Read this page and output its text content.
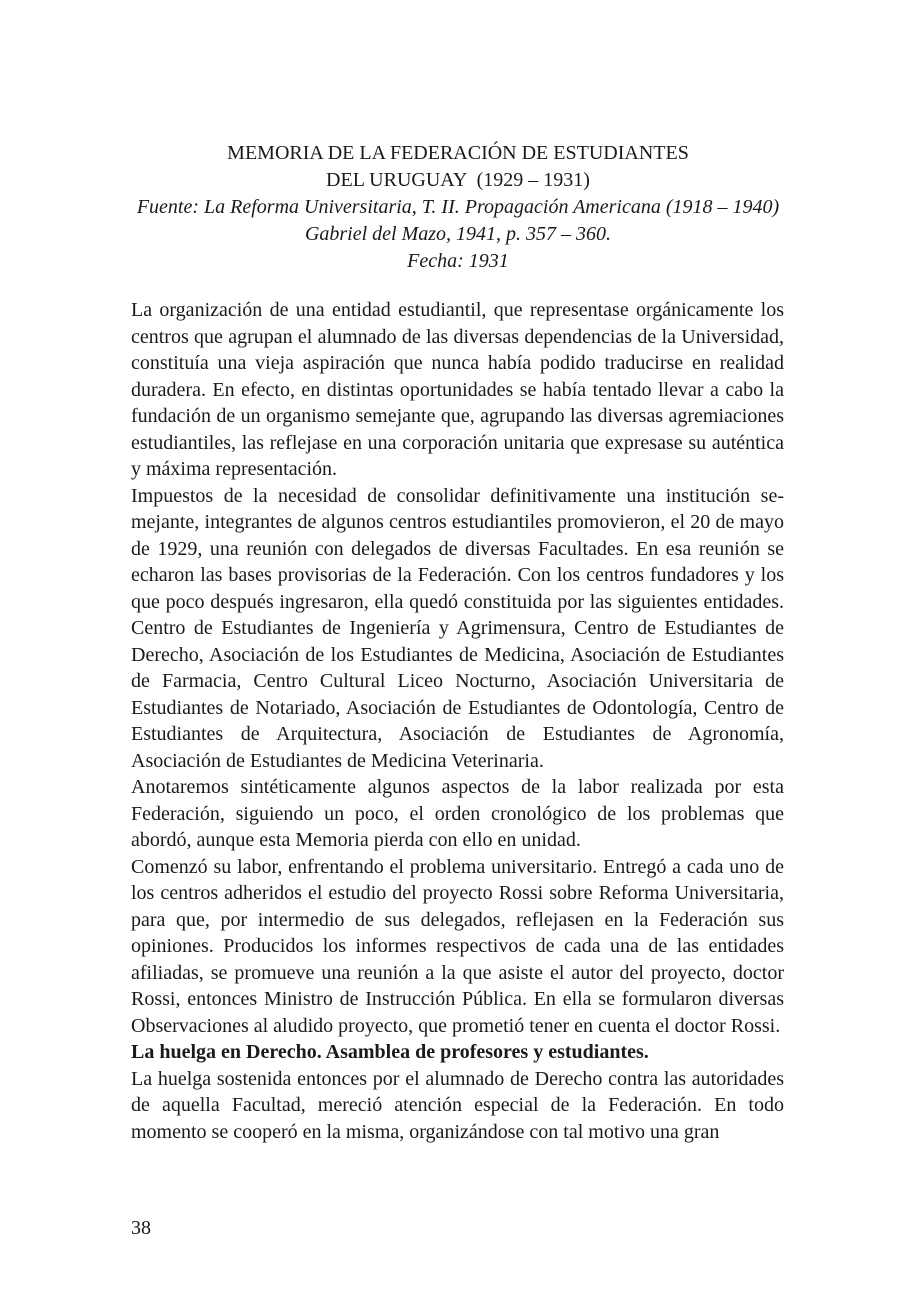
MEMORIA DE LA FEDERACIÓN DE ESTUDIANTES
DEL URUGUAY  (1929 – 1931)
Fuente: La Reforma Universitaria, T. II. Propagación Americana (1918 – 1940)
Gabriel del Mazo, 1941, p. 357 – 360.
Fecha: 1931

La organización de una entidad estudiantil, que representase orgánicamente los centros que agrupan el alumnado de las diversas dependencias de la Universidad, constituía una vieja aspiración que nunca había podido traducirse en realidad duradera. En efecto, en distintas oportunidades se había tentado llevar a cabo la fundación de un organismo semejante que, agrupando las diversas agremiaciones estudiantiles, las reflejase en una corporación unitaria que expresase su auténtica y máxima representación.

Impuestos de la necesidad de consolidar definitivamente una institución semejante, integrantes de algunos centros estudiantiles promovieron, el 20 de mayo de 1929, una reunión con delegados de diversas Facultades. En esa reunión se echaron las bases provisorias de la Federación. Con los centros fundadores y los que poco después ingresaron, ella quedó constituida por las siguientes entidades. Centro de Estudiantes de Ingeniería y Agrimensura, Centro de Estudiantes de Derecho, Asociación de los Estudiantes de Medicina, Asociación de Estudiantes de Farmacia, Centro Cultural Liceo Nocturno, Asociación Universitaria de Estudiantes de Notariado, Asociación de Estudiantes de Odontología, Centro de Estudiantes de Arquitectura, Asociación de Estudiantes de Agronomía, Asociación de Estudiantes de Medicina Veterinaria.

Anotaremos sintéticamente algunos aspectos de la labor realizada por esta Federación, siguiendo un poco, el orden cronológico de los problemas que abordó, aunque esta Memoria pierda con ello en unidad.

Comenzó su labor, enfrentando el problema universitario. Entregó a cada uno de los centros adheridos el estudio del proyecto Rossi sobre Reforma Universitaria, para que, por intermedio de sus delegados, reflejasen en la Federación sus opiniones. Producidos los informes respectivos de cada una de las entidades afiliadas, se promueve una reunión a la que asiste el autor del proyecto, doctor Rossi, entonces Ministro de Instrucción Pública. En ella se formularon diversas Observaciones al aludido proyecto, que prometió tener en cuenta el doctor Rossi.

La huelga en Derecho. Asamblea de profesores y estudiantes.

La huelga sostenida entonces por el alumnado de Derecho contra las autoridades de aquella Facultad, mereció atención especial de la Federación. En todo momento se cooperó en la misma, organizándose con tal motivo una gran

38
